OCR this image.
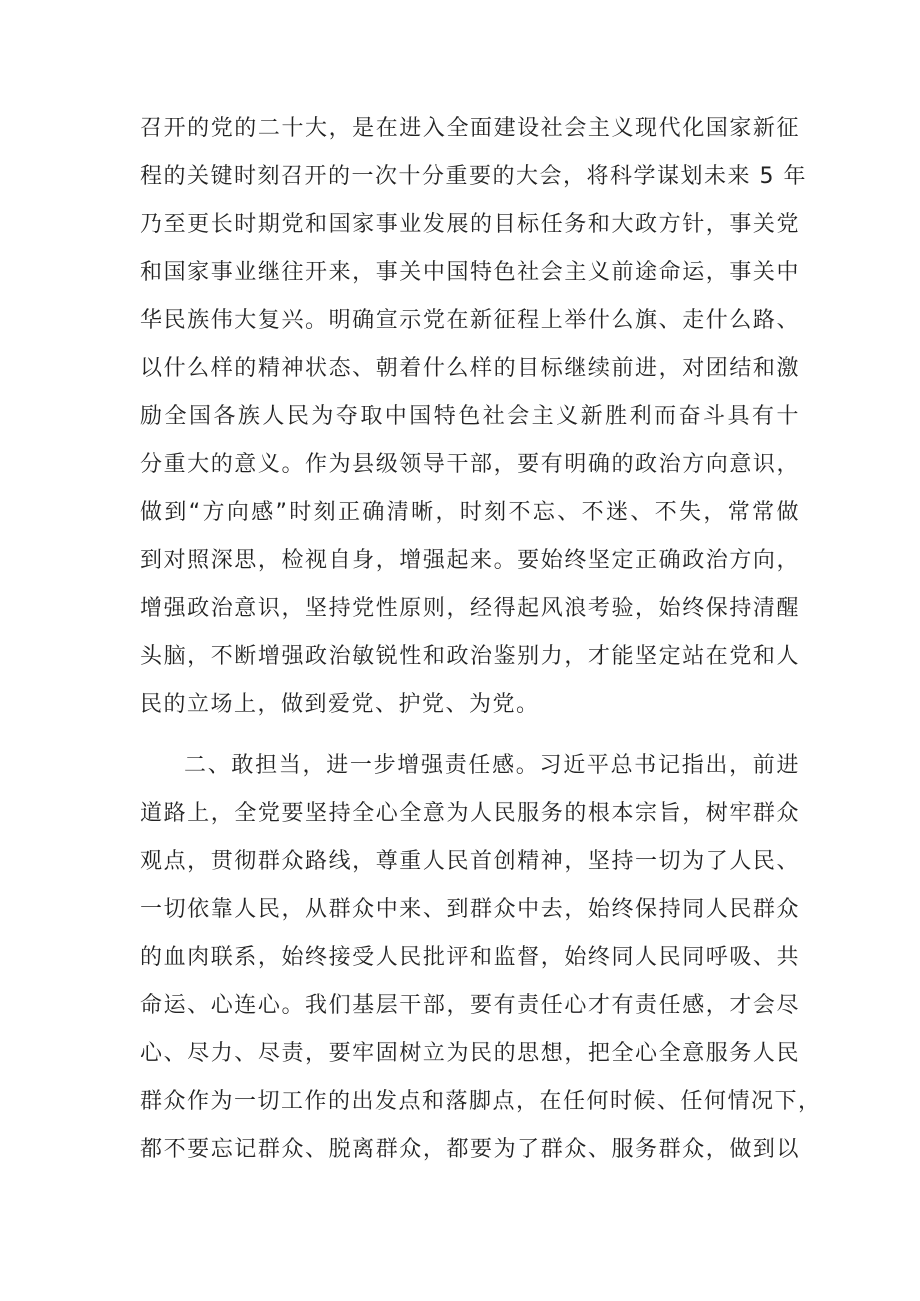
召开的党的二十大，是在进入全面建设社会主义现代化国家新征
程的关键时刻召开的一次十分重要的大会，将科学谋划未来 5 年
乃至更长时期党和国家事业发展的目标任务和大政方针，事关党
和国家事业继往开来，事关中国特色社会主义前途命运，事关中
华民族伟大复兴。明确宣示党在新征程上举什么旗、走什么路、
以什么样的精神状态、朝着什么样的目标继续前进，对团结和激
励全国各族人民为夺取中国特色社会主义新胜利而奋斗具有十
分重大的意义。作为县级领导干部，要有明确的政治方向意识，
做到“方向感”时刻正确清晰，时刻不忘、不迷、不失，常常做
到对照深思，检视自身，增强起来。要始终坚定正确政治方向，
增强政治意识，坚持党性原则，经得起风浪考验，始终保持清醒
头脑，不断增强政治敏锐性和政治鉴别力，才能坚定站在党和人
民的立场上，做到爱党、护党、为党。
二、敢担当，进一步增强责任感。习近平总书记指出，前进
道路上，全党要坚持全心全意为人民服务的根本宗旨，树牢群众
观点，贯彻群众路线，尊重人民首创精神，坚持一切为了人民、
一切依靠人民，从群众中来、到群众中去，始终保持同人民群众
的血肉联系，始终接受人民批评和监督，始终同人民同呼吸、共
命运、心连心。我们基层干部，要有责任心才有责任感，才会尽
心、尽力、尽责，要牢固树立为民的思想，把全心全意服务人民
群众作为一切工作的出发点和落脚点，在任何时候、任何情况下，
都不要忘记群众、脱离群众，都要为了群众、服务群众，做到以
